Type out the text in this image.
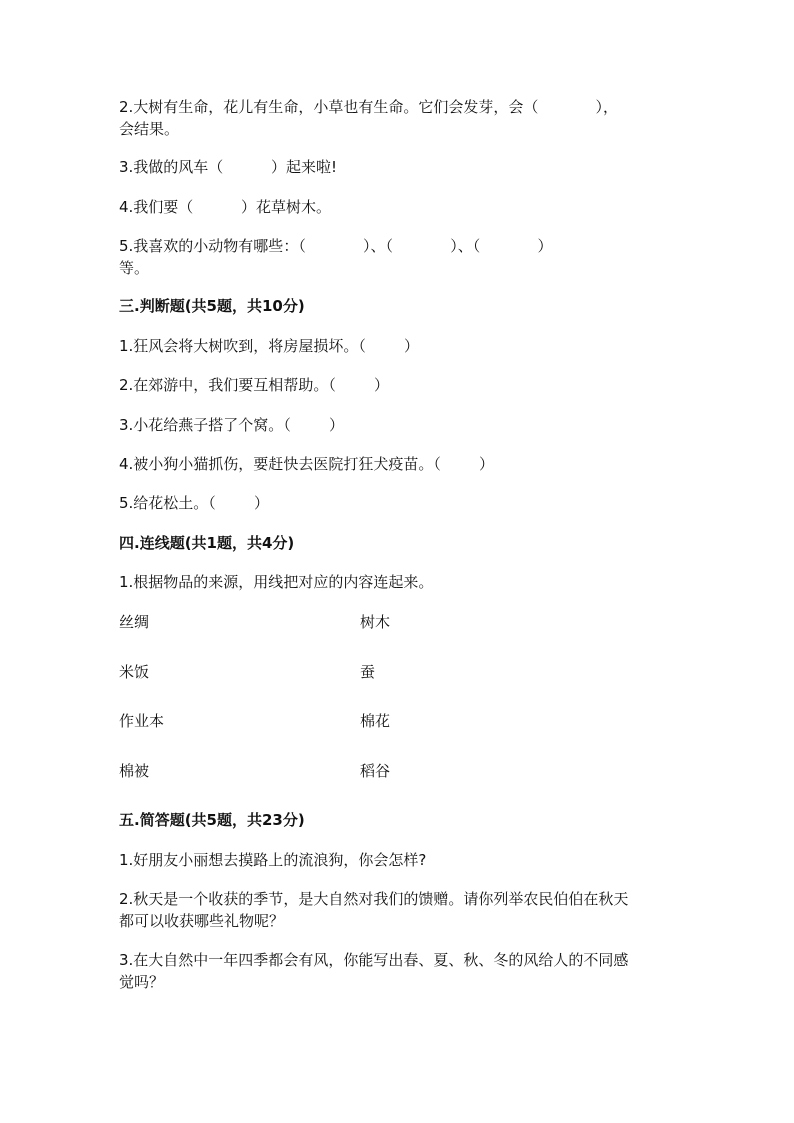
2.大树有生命，花儿有生命，小草也有生命。它们会发芽，会（            ），
会结果。
3.我做的风车（          ）起来啦!
4.我们要（          ）花草树木。
5.我喜欢的小动物有哪些：（            ）、（            ）、（            ）
等。
三.判断题(共5题，共10分)
1.狂风会将大树吹到，将房屋损坏。（        ）
2.在郊游中，我们要互相帮助。（        ）
3.小花给燕子搭了个窝。（        ）
4.被小狗小猫抓伤，要赶快去医院打狂犬疫苗。（        ）
5.给花松土。（        ）
四.连线题(共1题，共4分)
1.根据物品的来源，用线把对应的内容连起来。
丝绸	树木
米饭	蚕
作业本	棉花
棉被	稻谷
五.简答题(共5题，共23分)
1.好朋友小丽想去摸路上的流浪狗，你会怎样?
2.秋天是一个收获的季节，是大自然对我们的馈赠。请你列举农民伯伯在秋天
都可以收获哪些礼物呢？
3.在大自然中一年四季都会有风，你能写出春、夏、秋、冬的风给人的不同感
觉吗？
